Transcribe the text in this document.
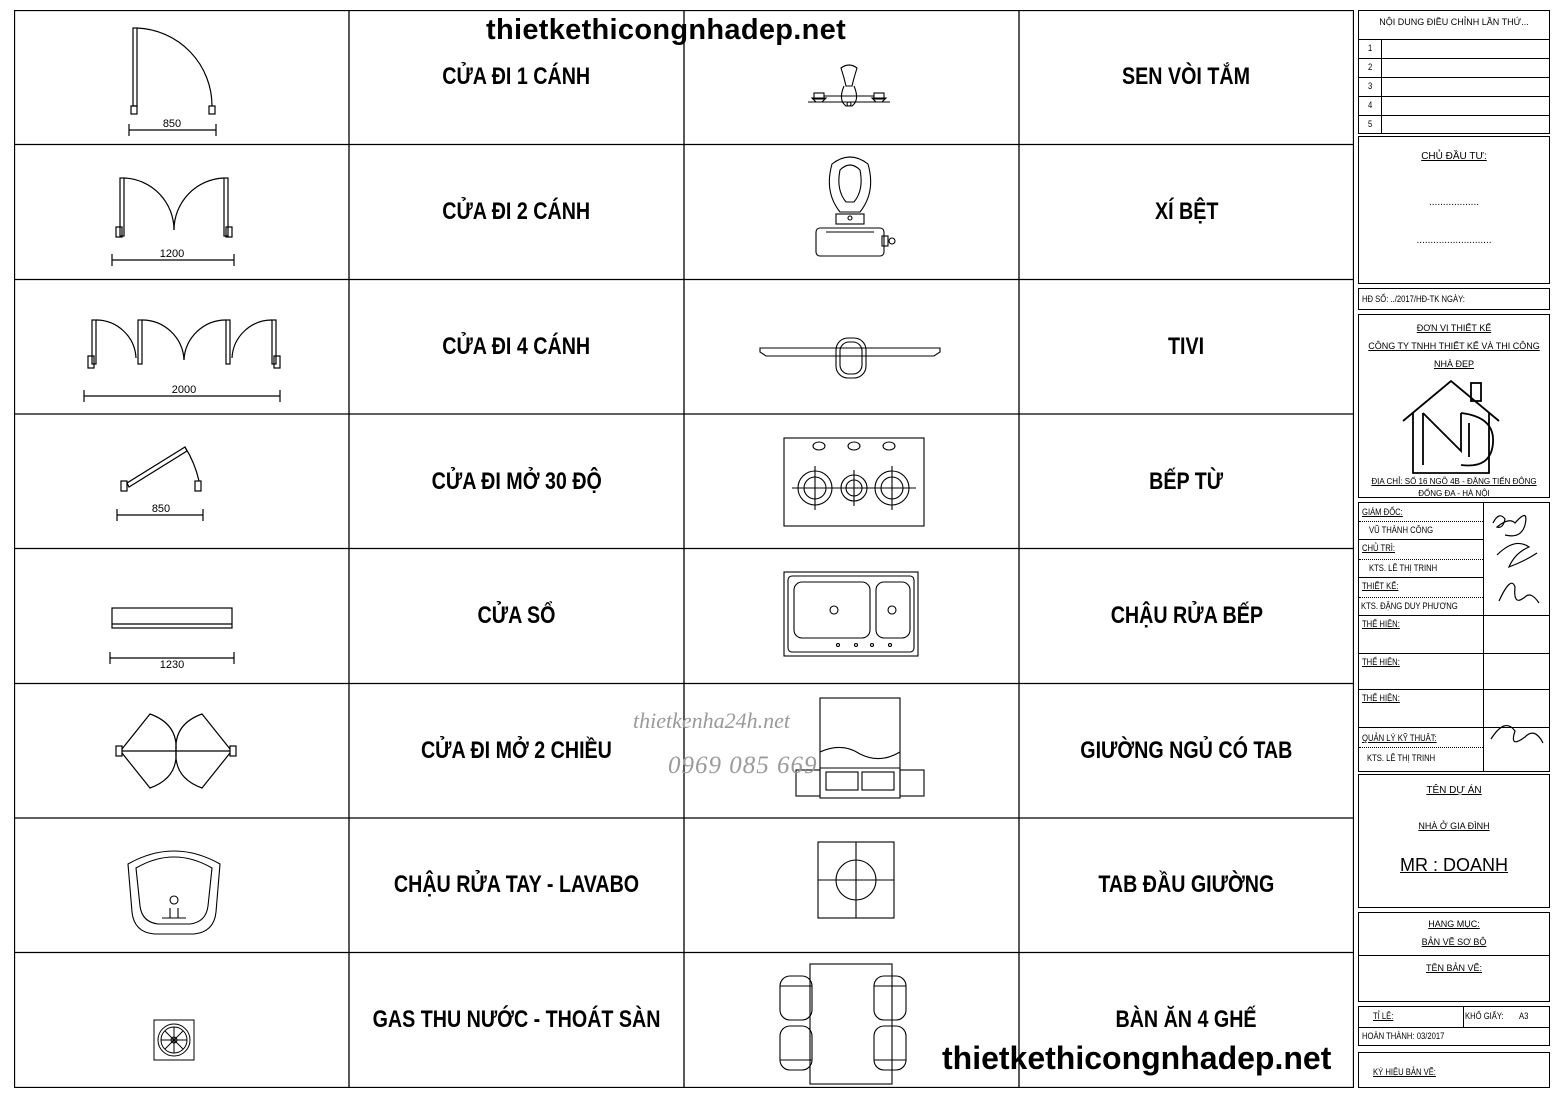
850
CỬA ĐI 1 CÁNH	SEN VÒI TẮM
1200
CỬA ĐI 2 CÁNH	XÍ BỆT
2000
CỬA ĐI 4 CÁNH	TIVI
850
CỬA ĐI MỞ 30 ĐỘ	BẾP TỪ
1230
CỬA SỔ	CHẬU RỬA BẾP
CỬA ĐI MỞ 2 CHIỀU	GIƯỜNG NGỦ CÓ TAB
CHẬU RỬA TAY - LAVABO	TAB ĐẦU GIƯỜNG
GAS THU NƯỚC - THOÁT SÀN	BÀN ĂN 4 GHẾ
thietkethicongnhadep.net
thietkenha24h.net
0969 085 669
thietkethicongnhadep.net
NỘI DUNG ĐIỀU CHỈNH LẦN THỨ...
1
2
3
4
5
CHỦ ĐẦU TƯ:
..................
...........................
HĐ SỐ: ../2017/HĐ-TK NGÀY:
ĐƠN VỊ THIẾT KẾ
CÔNG TY TNHH THIẾT KẾ VÀ THI CÔNG
NHÀ ĐẸP
ĐỊA CHỈ: SỐ 16 NGÕ 4B - ĐẶNG TIẾN ĐÔNG
ĐỐNG ĐA - HÀ NỘI
GIÁM ĐỐC:
VŨ THÀNH CÔNG
CHỦ TRÌ:
KTS. LÊ THỊ TRINH
THIẾT KẾ:
KTS. ĐẶNG DUY PHƯƠNG
THỂ HIỆN:
THỂ HIỆN:
THỂ HIỆN:
QUẢN LÝ KỸ THUẬT:
KTS. LÊ THỊ TRINH
TÊN DỰ ÁN
NHÀ Ở GIA ĐÌNH
MR : DOANH
HẠNG MỤC:
BẢN VẼ SƠ BỘ
TÊN BẢN VẼ:
TỈ LỆ:	KHỔ GIẤY: A3
HOÀN THÀNH: 03/2017
KÝ HIỆU BẢN VẼ:
